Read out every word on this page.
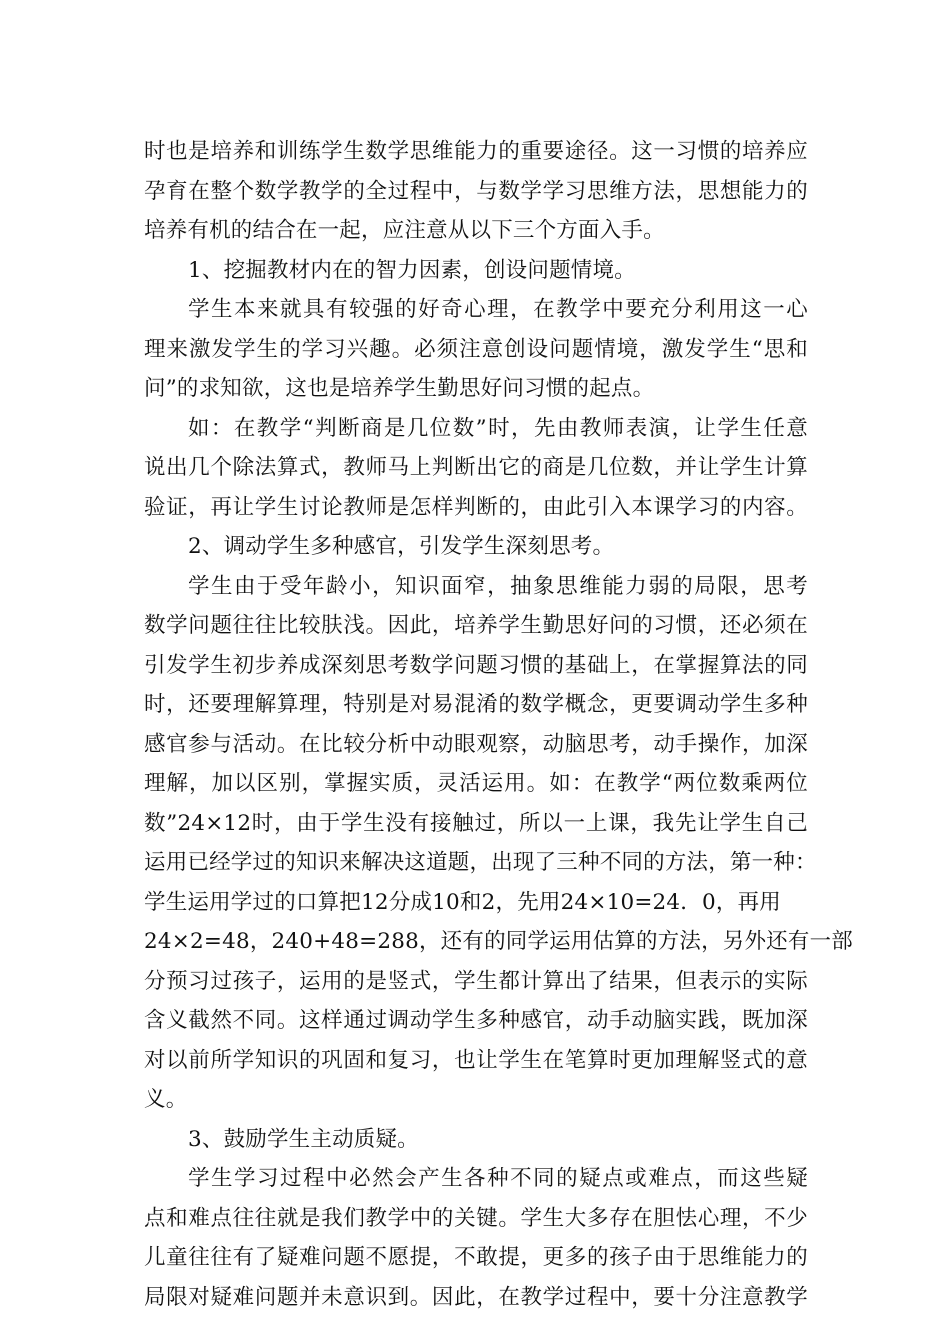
时也是培养和训练学生数学思维能力的重要途径。这一习惯的培养应
孕育在整个数学教学的全过程中，与数学学习思维方法，思想能力的
培养有机的结合在一起，应注意从以下三个方面入手。
1、挖掘教材内在的智力因素，创设问题情境。
学生本来就具有较强的好奇心理，在教学中要充分利用这一心
理来激发学生的学习兴趣。必须注意创设问题情境，激发学生“思和
问”的求知欲，这也是培养学生勤思好问习惯的起点。
如：在教学“判断商是几位数”时，先由教师表演，让学生任意
说出几个除法算式，教师马上判断出它的商是几位数，并让学生计算
验证，再让学生讨论教师是怎样判断的，由此引入本课学习的内容。
2、调动学生多种感官，引发学生深刻思考。
学生由于受年龄小，知识面窄，抽象思维能力弱的局限，思考
数学问题往往比较肤浅。因此，培养学生勤思好问的习惯，还必须在
引发学生初步养成深刻思考数学问题习惯的基础上，在掌握算法的同
时，还要理解算理，特别是对易混淆的数学概念，更要调动学生多种
感官参与活动。在比较分析中动眼观察，动脑思考，动手操作，加深
理解，加以区别，掌握实质，灵活运用。如：在教学“两位数乘两位
数”24×12时，由于学生没有接触过，所以一上课，我先让学生自己
运用已经学过的知识来解决这道题，出现了三种不同的方法，第一种：
学生运用学过的口算把12分成10和2，先用24×10=24．0，再用
24×2=48，240+48=288，还有的同学运用估算的方法，另外还有一部
分预习过孩子，运用的是竖式，学生都计算出了结果，但表示的实际
含义截然不同。这样通过调动学生多种感官，动手动脑实践，既加深
对以前所学知识的巩固和复习，也让学生在笔算时更加理解竖式的意
义。
3、鼓励学生主动质疑。
学生学习过程中必然会产生各种不同的疑点或难点，而这些疑
点和难点往往就是我们教学中的关键。学生大多存在胆怯心理，不少
儿童往往有了疑难问题不愿提，不敢提，更多的孩子由于思维能力的
局限对疑难问题并未意识到。因此，在教学过程中，要十分注意教学
